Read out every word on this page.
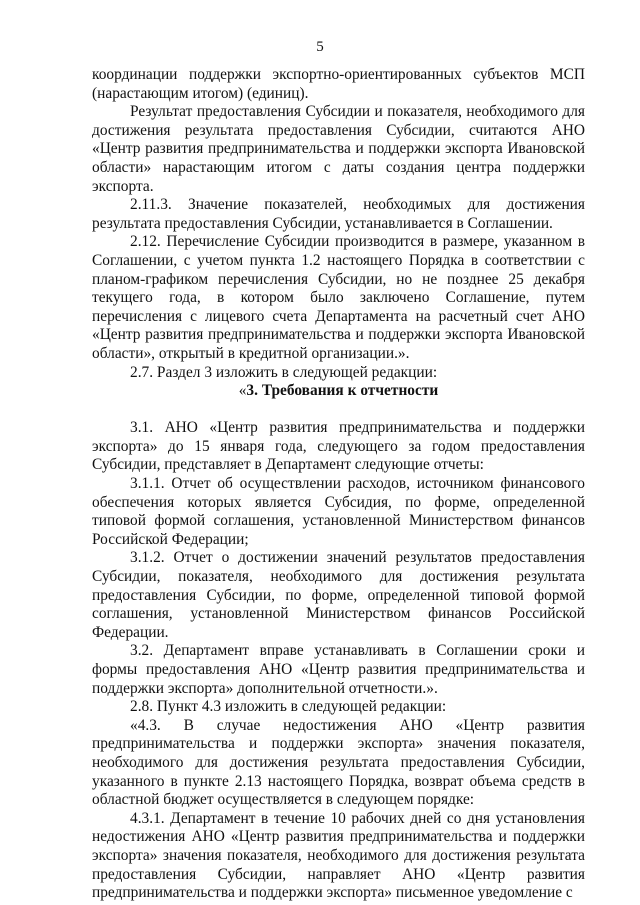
5

координации поддержки экспортно-ориентированных субъектов МСП (нарастающим итогом) (единиц).

Результат предоставления Субсидии и показателя, необходимого для достижения результата предоставления Субсидии, считаются АНО «Центр развития предпринимательства и поддержки экспорта Ивановской области» нарастающим итогом с даты создания центра поддержки экспорта.

2.11.3. Значение показателей, необходимых для достижения результата предоставления Субсидии, устанавливается в Соглашении.

2.12. Перечисление Субсидии производится в размере, указанном в Соглашении, с учетом пункта 1.2 настоящего Порядка в соответствии с планом-графиком перечисления Субсидии, но не позднее 25 декабря текущего года, в котором было заключено Соглашение, путем перечисления с лицевого счета Департамента на расчетный счет АНО «Центр развития предпринимательства и поддержки экспорта Ивановской области», открытый в кредитной организации.».

2.7. Раздел 3 изложить в следующей редакции:

«3. Требования к отчетности

3.1. АНО «Центр развития предпринимательства и поддержки экспорта» до 15 января года, следующего за годом предоставления Субсидии, представляет в Департамент следующие отчеты:

3.1.1. Отчет об осуществлении расходов, источником финансового обеспечения которых является Субсидия, по форме, определенной типовой формой соглашения, установленной Министерством финансов Российской Федерации;

3.1.2. Отчет о достижении значений результатов предоставления Субсидии, показателя, необходимого для достижения результата предоставления Субсидии, по форме, определенной типовой формой соглашения, установленной Министерством финансов Российской Федерации.

3.2. Департамент вправе устанавливать в Соглашении сроки и формы предоставления АНО «Центр развития предпринимательства и поддержки экспорта» дополнительной отчетности.».

2.8. Пункт 4.3 изложить в следующей редакции:

«4.3. В случае недостижения АНО «Центр развития предпринимательства и поддержки экспорта» значения показателя, необходимого для достижения результата предоставления Субсидии, указанного в пункте 2.13 настоящего Порядка, возврат объема средств в областной бюджет осуществляется в следующем порядке:

4.3.1. Департамент в течение 10 рабочих дней со дня установления недостижения АНО «Центр развития предпринимательства и поддержки экспорта» значения показателя, необходимого для достижения результата предоставления Субсидии, направляет АНО «Центр развития предпринимательства и поддержки экспорта» письменное уведомление с
